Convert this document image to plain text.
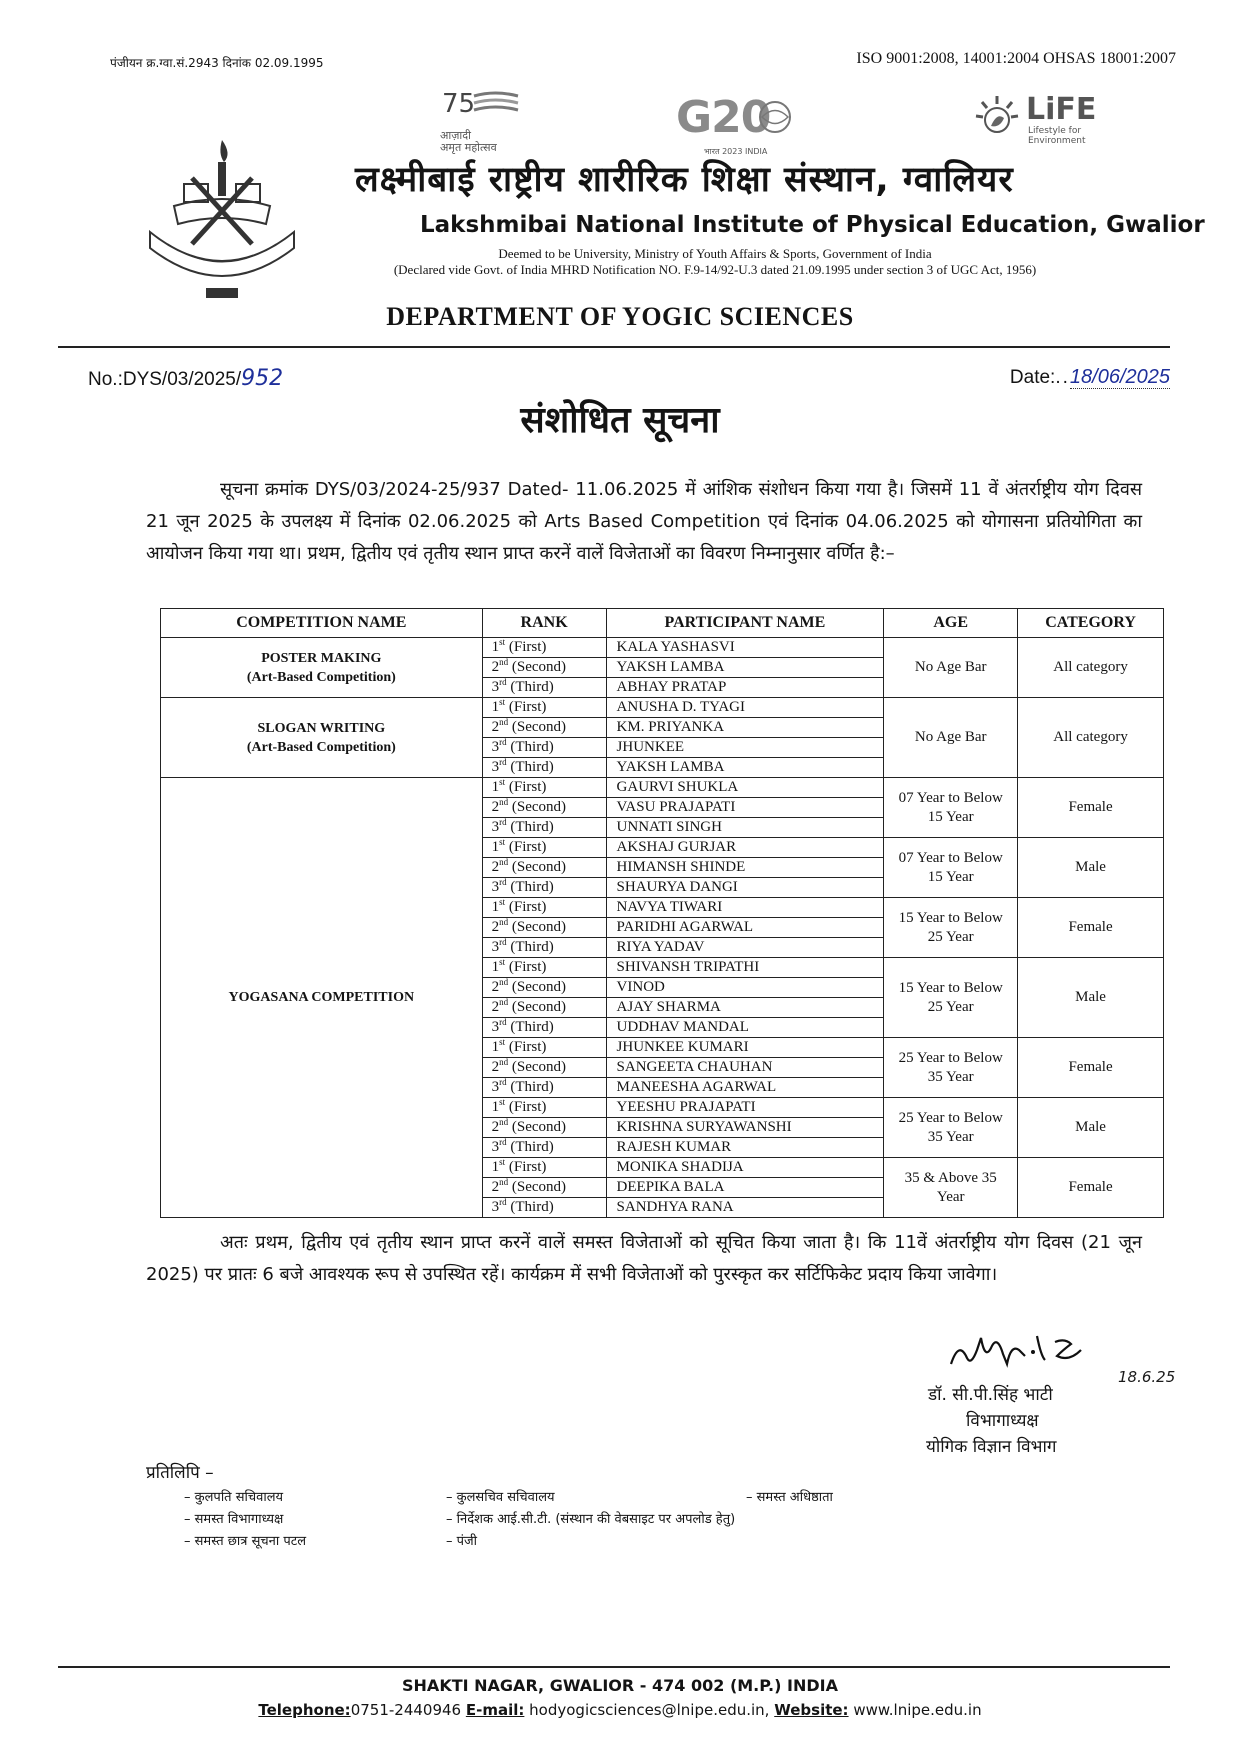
पंजीयन क्र.ग्वा.सं.2943 दिनांक 02.09.1995	ISO 9001:2008, 14001:2004 OHSAS 18001:2007
75
आज़ादी
अमृत महोत्सव
G20
भारत 2023 INDIA
LiFE
Lifestyle for
Environment
लक्ष्मीबाई राष्ट्रीय शारीरिक शिक्षा संस्थान, ग्वालियर
Lakshmibai National Institute of Physical Education, Gwalior
Deemed to be University, Ministry of Youth Affairs & Sports, Government of India
(Declared vide Govt. of India MHRD Notification NO. F.9-14/92-U.3 dated 21.09.1995 under section 3 of UGC Act, 1956)
DEPARTMENT OF YOGIC SCIENCES
No.:DYS/03/2025/952	Date:..18/06/2025
संशोधित सूचना
सूचना क्रमांक DYS/03/2024-25/937 Dated- 11.06.2025 में आंशिक संशोधन किया गया है। जिसमें 11 वें अंतर्राष्ट्रीय योग दिवस 21 जून 2025 के उपलक्ष्य में दिनांक 02.06.2025 को Arts Based Competition एवं दिनांक 04.06.2025 को योगासना प्रतियोगिता का आयोजन किया गया था। प्रथम, द्वितीय एवं तृतीय स्थान प्राप्त करनें वालें विजेताओं का विवरण निम्नानुसार वर्णित है:–
COMPETITION NAME	RANK	PARTICIPANT NAME	AGE	CATEGORY

POSTER MAKING
(Art-Based Competition)	1st (First)	KALA YASHASVI	No Age Bar	All category
	2nd (Second)	YAKSH LAMBA		
	3rd (Third)	ABHAY PRATAP		

SLOGAN WRITING
(Art-Based Competition)	1st (First)	ANUSHA D. TYAGI	No Age Bar	All category
	2nd (Second)	KM. PRIYANKA		
	3rd (Third)	JHUNKEE		
	3rd (Third)	YAKSH LAMBA		

YOGASANA COMPETITION	1st (First)	GAURVI SHUKLA	07 Year to Below 15 Year	Female
	2nd (Second)	VASU PRAJAPATI		
	3rd (Third)	UNNATI SINGH		
	1st (First)	AKSHAJ GURJAR	07 Year to Below 15 Year	Male
	2nd (Second)	HIMANSH SHINDE		
	3rd (Third)	SHAURYA DANGI		
	1st (First)	NAVYA TIWARI	15 Year to Below 25 Year	Female
	2nd (Second)	PARIDHI AGARWAL		
	3rd (Third)	RIYA YADAV		
	1st (First)	SHIVANSH TRIPATHI	15 Year to Below 25 Year	Male
	2nd (Second)	VINOD		
	2nd (Second)	AJAY SHARMA		
	3rd (Third)	UDDHAV MANDAL		
	1st (First)	JHUNKEE KUMARI	25 Year to Below 35 Year	Female
	2nd (Second)	SANGEETA CHAUHAN		
	3rd (Third)	MANEESHA AGARWAL		
	1st (First)	YEESHU PRAJAPATI	25 Year to Below 35 Year	Male
	2nd (Second)	KRISHNA SURYAWANSHI		
	3rd (Third)	RAJESH KUMAR		
	1st (First)	MONIKA SHADIJA	35 & Above 35 Year	Female
	2nd (Second)	DEEPIKA BALA		
	3rd (Third)	SANDHYA RANA		
अतः प्रथम, द्वितीय एवं तृतीय स्थान प्राप्त करनें वालें समस्त विजेताओं को सूचित किया जाता है। कि 11वें अंतर्राष्ट्रीय योग दिवस (21 जून 2025) पर प्रातः 6 बजे आवश्यक रूप से उपस्थित रहें। कार्यक्रम में सभी विजेताओं को पुरस्कृत कर सर्टिफिकेट प्रदाय किया जावेगा।
18.6.25
डॉ. सी.पी.सिंह भाटी
विभागाध्यक्ष
योगिक विज्ञान विभाग
प्रतिलिपि –
– कुलपति सचिवालय	– कुलसचिव सचिवालय	– समस्त अधिष्ठाता
– समस्त विभागाध्यक्ष	– निर्देशक आई.सी.टी. (संस्थान की वेबसाइट पर अपलोड हेतु)
– समस्त छात्र सूचना पटल	– पंजी
SHAKTI NAGAR, GWALIOR - 474 002 (M.P.) INDIA
Telephone:0751-2440946 E-mail: hodyogicsciences@lnipe.edu.in, Website: www.lnipe.edu.in
